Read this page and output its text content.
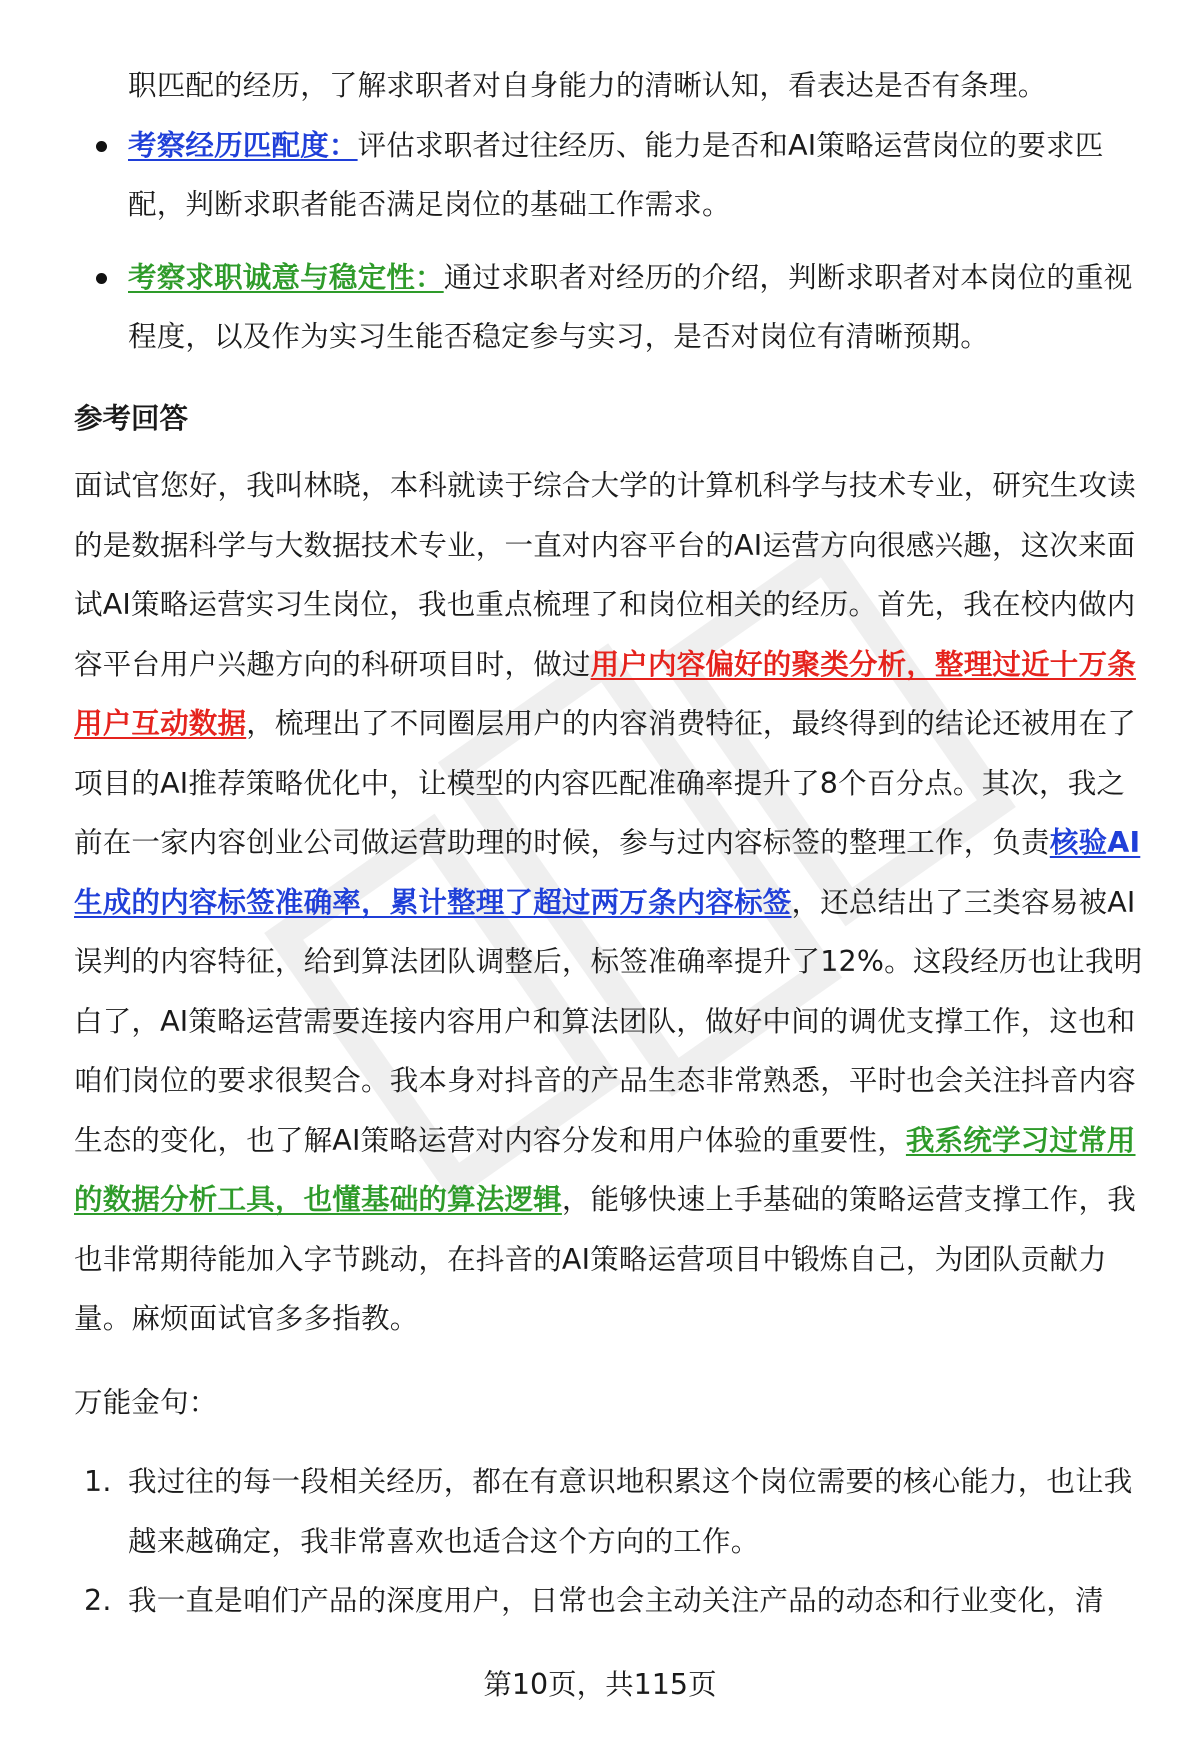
职匹配的经历，了解求职者对自身能力的清晰认知，看表达是否有条理。

考察经历匹配度：评估求职者过往经历、能力是否和AI策略运营岗位的要求匹配，判断求职者能否满足岗位的基础工作需求。
考察求职诚意与稳定性：通过求职者对经历的介绍，判断求职者对本岗位的重视程度，以及作为实习生能否稳定参与实习，是否对岗位有清晰预期。
参考回答

面试官您好，我叫林晓，本科就读于综合大学的计算机科学与技术专业，研究生攻读的是数据科学与大数据技术专业，一直对内容平台的AI运营方向很感兴趣，这次来面试AI策略运营实习生岗位，我也重点梳理了和岗位相关的经历。首先，我在校内做内容平台用户兴趣方向的科研项目时，做过用户内容偏好的聚类分析，整理过近十万条用户互动数据，梳理出了不同圈层用户的内容消费特征，最终得到的结论还被用在了项目的AI推荐策略优化中，让模型的内容匹配准确率提升了8个百分点。其次，我之前在一家内容创业公司做运营助理的时候，参与过内容标签的整理工作，负责核验AI生成的内容标签准确率，累计整理了超过两万条内容标签，还总结出了三类容易被AI误判的内容特征，给到算法团队调整后，标签准确率提升了12%。这段经历也让我明白了，AI策略运营需要连接内容用户和算法团队，做好中间的调优支撑工作，这也和咱们岗位的要求很契合。我本身对抖音的产品生态非常熟悉，平时也会关注抖音内容生态的变化，也了解AI策略运营对内容分发和用户体验的重要性，我系统学习过常用的数据分析工具，也懂基础的算法逻辑，能够快速上手基础的策略运营支撑工作，我也非常期待能加入字节跳动，在抖音的AI策略运营项目中锻炼自己，为团队贡献力量。麻烦面试官多多指教。

万能金句：

1. 我过往的每一段相关经历，都在有意识地积累这个岗位需要的核心能力，也让我越来越确定，我非常喜欢也适合这个方向的工作。
2. 我一直是咱们产品的深度用户，日常也会主动关注产品的动态和行业变化，清
第10页，共115页
